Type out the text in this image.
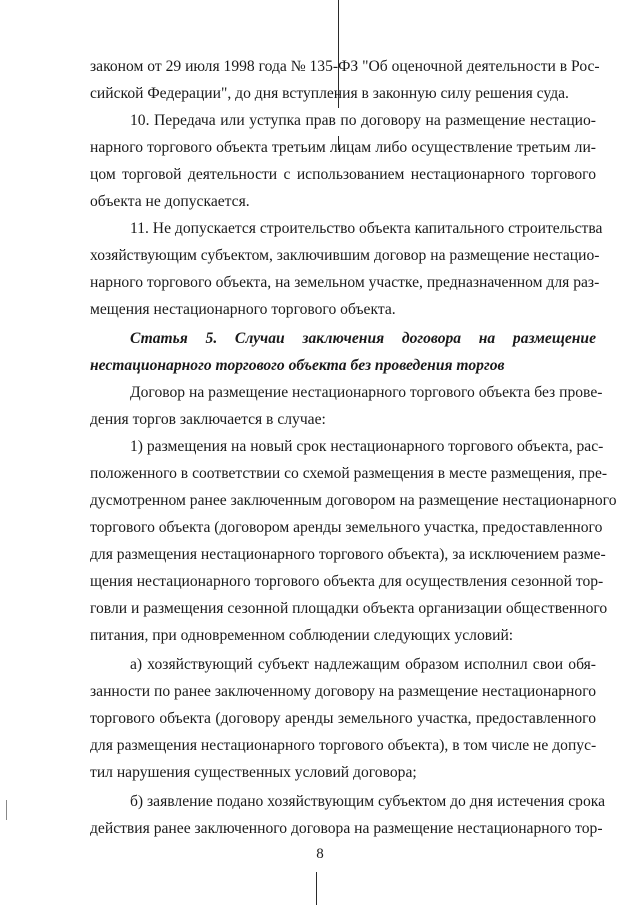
законом от 29 июля 1998 года № 135-ФЗ "Об оценочной деятельности в Рос-
сийской Федерации", до дня вступления в законную силу решения суда.
10. Передача или уступка прав по договору на размещение нестацио-
нарного торгового объекта третьим лицам либо осуществление третьим ли-
цом торговой деятельности с использованием нестационарного торгового
объекта не допускается.
11. Не допускается строительство объекта капитального строительства
хозяйствующим субъектом, заключившим договор на размещение нестацио-
нарного торгового объекта, на земельном участке, предназначенном для раз-
мещения нестационарного торгового объекта.
Статья 5. Случаи заключения договора на размещение
нестационарного торгового объекта без проведения торгов
Договор на размещение нестационарного торгового объекта без прове-
дения торгов заключается в случае:
1) размещения на новый срок нестационарного торгового объекта, рас-
положенного в соответствии со схемой размещения в месте размещения, пре-
дусмотренном ранее заключенным договором на размещение нестационарного
торгового объекта (договором аренды земельного участка, предоставленного
для размещения нестационарного торгового объекта), за исключением разме-
щения нестационарного торгового объекта для осуществления сезонной тор-
говли и размещения сезонной площадки объекта организации общественного
питания, при одновременном соблюдении следующих условий:
а) хозяйствующий субъект надлежащим образом исполнил свои обя-
занности по ранее заключенному договору на размещение нестационарного
торгового объекта (договору аренды земельного участка, предоставленного
для размещения нестационарного торгового объекта), в том числе не допус-
тил нарушения существенных условий договора;
б) заявление подано хозяйствующим субъектом до дня истечения срока
действия ранее заключенного договора на размещение нестационарного тор-
8
